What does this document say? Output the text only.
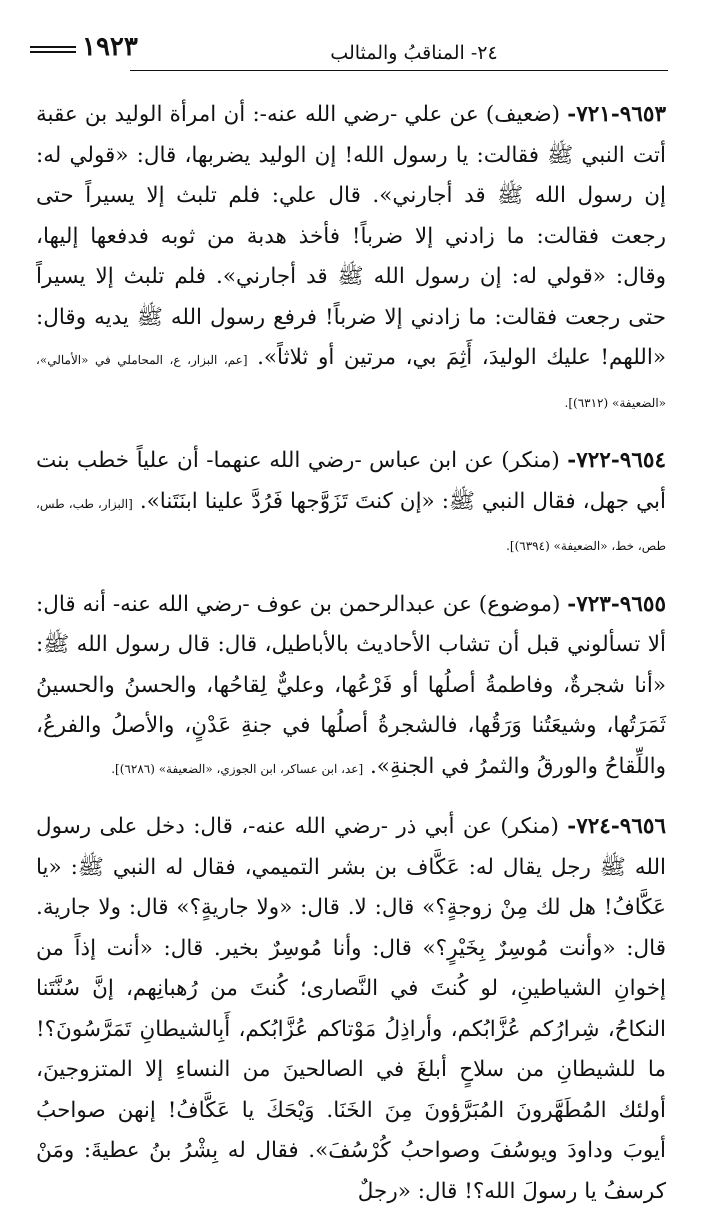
١٩٢٣	٢٤- المناقبُ والمثالب

٩٦٥٣-٧٢١- (ضعيف) عن علي -رضي الله عنه-: أن امرأة الوليد بن عقبة أتت النبي ﷺ فقالت: يا رسول الله! إن الوليد يضربها، قال: «قولي له: إن رسول الله ﷺ قد أجارني». قال علي: فلم تلبث إلا يسيراً حتى رجعت فقالت: ما زادني إلا ضرباً! فأخذ هدبة من ثوبه فدفعها إليها، وقال: «قولي له: إن رسول الله ﷺ قد أجارني». فلم تلبث إلا يسيراً حتى رجعت فقالت: ما زادني إلا ضرباً! فرفع رسول الله ﷺ يديه وقال: «اللهم! عليك الوليدَ، أَثِمَ بي، مرتين أو ثلاثاً». [عم، البزار، ع، المحاملي في «الأمالي»، «الضعيفة» (٦٣١٢)].

٩٦٥٤-٧٢٢- (منكر) عن ابن عباس -رضي الله عنهما- أن علياً خطب بنت أبي جهل، فقال النبي ﷺ: «إن كنتَ تَزَوَّجها فَرُدَّ علينا ابنَتَنا». [البزار، طب، طس، طص، خط، «الضعيفة» (٦٣٩٤)].

٩٦٥٥-٧٢٣- (موضوع) عن عبدالرحمن بن عوف -رضي الله عنه- أنه قال: ألا تسألوني قبل أن تشاب الأحاديث بالأباطيل، قال: قال رسول الله ﷺ: «أنا شجرةٌ، وفاطمةُ أصلُها أو فَرْعُها، وعليٌّ لِقاحُها، والحسنُ والحسينُ ثَمَرَتُها، وشيعَتُنا وَرَقُها، فالشجرةُ أصلُها في جنةِ عَدْنٍ، والأصلُ والفرعُ، واللِّقاحُ والورقُ والثمرُ في الجنةِ». [عد، ابن عساكر، ابن الجوزي، «الضعيفة» (٦٢٨٦)].

٩٦٥٦-٧٢٤- (منكر) عن أبي ذر -رضي الله عنه-، قال: دخل على رسول الله ﷺ رجل يقال له: عَكَّاف بن بشر التميمي، فقال له النبي ﷺ: «يا عَكَّافُ! هل لك مِنْ زوجةٍ؟» قال: لا. قال: «ولا جاريةٍ؟» قال: ولا جارية. قال: «وأنت مُوسِرٌ بِخَيْرٍ؟» قال: وأنا مُوسِرٌ بخير. قال: «أنت إذاً من إخوانِ الشياطينِ، لو كُنتَ في النَّصارى؛ كُنتَ من رُهبانِهم، إنَّ سُنَّتَنا النكاحُ، شِرارُكم عُزَّابُكم، وأراذِلُ مَوْتاكم عُزَّابُكم، أَبِالشيطانِ تَمَرَّسُونَ؟! ما للشيطانِ من سلاحٍ أبلغَ في الصالحينَ من النساءِ إلا المتزوجينَ، أولئك المُطَهَّرونَ المُبَرَّؤونَ مِنَ الخَنَا. وَيْحَكَ يا عَكَّافُ! إنهن صواحبُ أيوبَ وداودَ ويوسُفَ وصواحبُ كُرْسُفَ». فقال له بِشْرُ بنُ عطيةَ: ومَنْ كرسفُ يا رسولَ الله؟! قال: «رجلٌ
